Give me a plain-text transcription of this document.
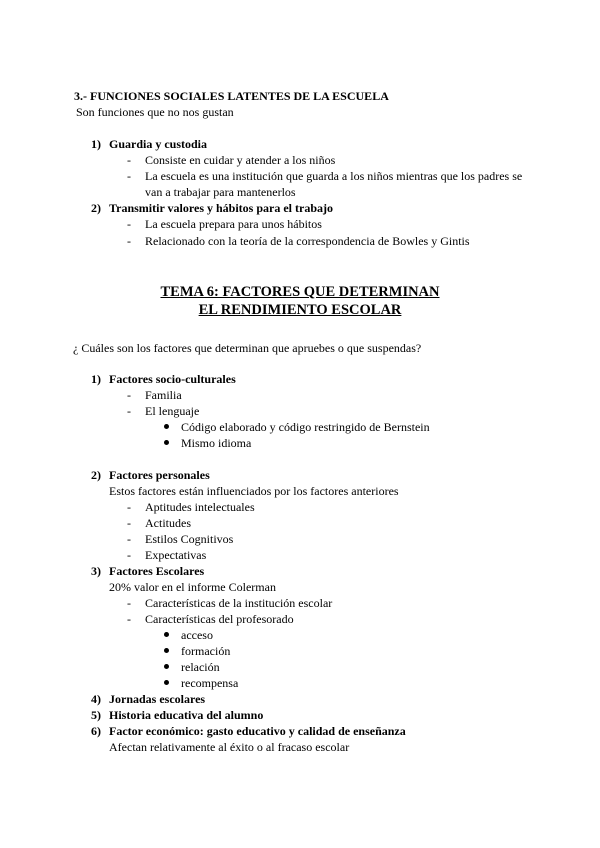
3.- FUNCIONES SOCIALES LATENTES DE LA ESCUELA
Son funciones que no nos gustan
1) Guardia y custodia
- Consiste en cuidar y atender a los niños
- La escuela es una institución que guarda a los niños mientras que los padres se
van a trabajar para mantenerlos
2) Transmitir valores y hábitos para el trabajo
- La escuela prepara para unos hábitos
- Relacionado con la teoría de la correspondencia de Bowles y Gintis
TEMA 6: FACTORES QUE DETERMINAN
EL RENDIMIENTO ESCOLAR
¿ Cuáles son los factores que determinan que apruebes o que suspendas?
1) Factores socio-culturales
- Familia
- El lenguaje
Código elaborado y código restringido de Bernstein
Mismo idioma
2) Factores personales
Estos factores están influenciados por los factores anteriores
- Aptitudes intelectuales
- Actitudes
- Estilos Cognitivos
- Expectativas
3) Factores Escolares
20% valor en el informe Colerman
- Características de la institución escolar
- Características del profesorado
acceso
formación
relación
recompensa
4) Jornadas escolares
5) Historia educativa del alumno
6) Factor económico: gasto educativo y calidad de enseñanza
Afectan relativamente al éxito o al fracaso escolar
